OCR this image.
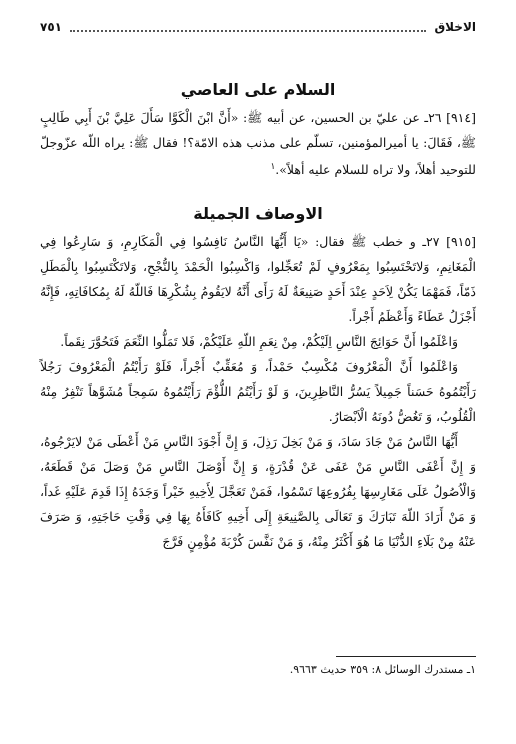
٧٥١	الاخلاق
السلام على العاصي

[٩١٤] ٢٦ـ عن عليّ بن الحسين، عن أبيه ﷺ: «أَنَّ ابْنَ الْكَوَّا سَأَلَ عَلِيَّ بْنَ أَبِي طَالِبٍ ﷺ، فَقَالَ: يا أميرالمؤمنين، تسلّم على مذنب هذه الامّة؟! فقال ﷺ: يراه اللّه عزّوجلّ للتوحيد أهلاً، ولا تراه للسلام عليه أهلاً».$^١$

الاوصاف الجميلة

[٩١٥] ٢٧ـ و خطب ﷺ فقال: «يَا أَيُّهَا النَّاسُ نَافِسُوا فِي الْمَكَارِمِ، وَ سَارِعُوا فِي الْمَغَانِمِ، وَلاتَحْتَسِبُوا بِمَعْرُوفٍ لَمْ تُعَجِّلوا، وَاكْسِبُوا الْحَمْدَ بِالنُّجْحِ، وَلاتَكْتَسِبُوا بِالْمَطَلِ ذَمّاً، فَمَهْمَا يَكُنْ لِاَحَدٍ عِنْدَ أَحَدٍ صَنِيعَةٌ لَهُ رَأَى أَنَّهُ لايَقُومُ بِشُكْرِهَا فَاللّهُ لَهُ بِمُكافَاتِهِ، فَإِنَّهُ أَجْزَلُ عَطَاءً وَأَعْظَمُ أَجْراً.

وَاعْلَمُوا أَنَّ حَوَائِجَ النَّاسِ اِلَيْكُمْ، مِنْ نِعَمِ اللّهِ عَلَيْكُمْ، فَلا تَمَلُّوا النِّعَمَ فَتَحُوَّرَ نِقَماً.

وَاعْلَمُوا أَنَّ الْمَعْرُوفَ مُكْسِبٌ حَمْداً، وَ مُعَقِّبٌ أَجْراً، فَلَوْ رَأَيْتُمُ الْمَعْرُوفَ رَجُلاً رَأَيْتُمُوهُ حَسَناً جَمِيلاً يَسُرُّ النَّاظِرِينَ، وَ لَوْ رَأَيْتُمُ اللُّؤْمَ رَأَيْتُمُوهُ سَمِجاً مُشَوَّهاً تَنْفِرُ مِنْهُ الْقُلُوبُ، وَ تَغُضُّ دُونَهُ الْاَبْصَارُ.

أَيُّهَا النَّاسُ مَنْ جَادَ سَادَ، وَ مَنْ بَخِلَ رَذِلَ، وَ إِنَّ أَجْوَدَ النَّاسِ مَنْ أَعْطَى مَنْ لايَرْجُوهُ، وَ إِنَّ أَعْفَى النَّاسِ مَنْ عَفَى عَنْ قُدْرَةٍ، وَ إِنَّ أَوْصَلَ النَّاسِ مَنْ وَصَلَ مَنْ قَطَعَهُ، وَالْاُصُولُ عَلَى مَغَارِسِهَا بِفُرُوعِهَا تَسْمُوا، فَمَنْ تَعَجَّلَ لِأَخِيهِ خَيْراً وَجَدَهُ إِذَا قَدِمَ عَلَيْهِ غَداً، وَ مَنْ أَرَادَ اللّهَ تَبَارَكَ وَ تَعَالَى بِالصَّنِيعَةِ إِلَى أَخِيهِ كَافَأَهُ بِهَا فِي وَقْتِ حَاجَتِهِ، وَ صَرَفَ عَنْهُ مِنْ بَلَاءِ الدُّنْيَا مَا هُوَ أَكْثَرُ مِنْهُ، وَ مَنْ نَفَّسَ كُرْبَةَ مُؤْمِنٍ فَرَّجَ

١ـ مستدرك الوسائل ٨: ٣٥٩ حديث ٩٦٦٣.
